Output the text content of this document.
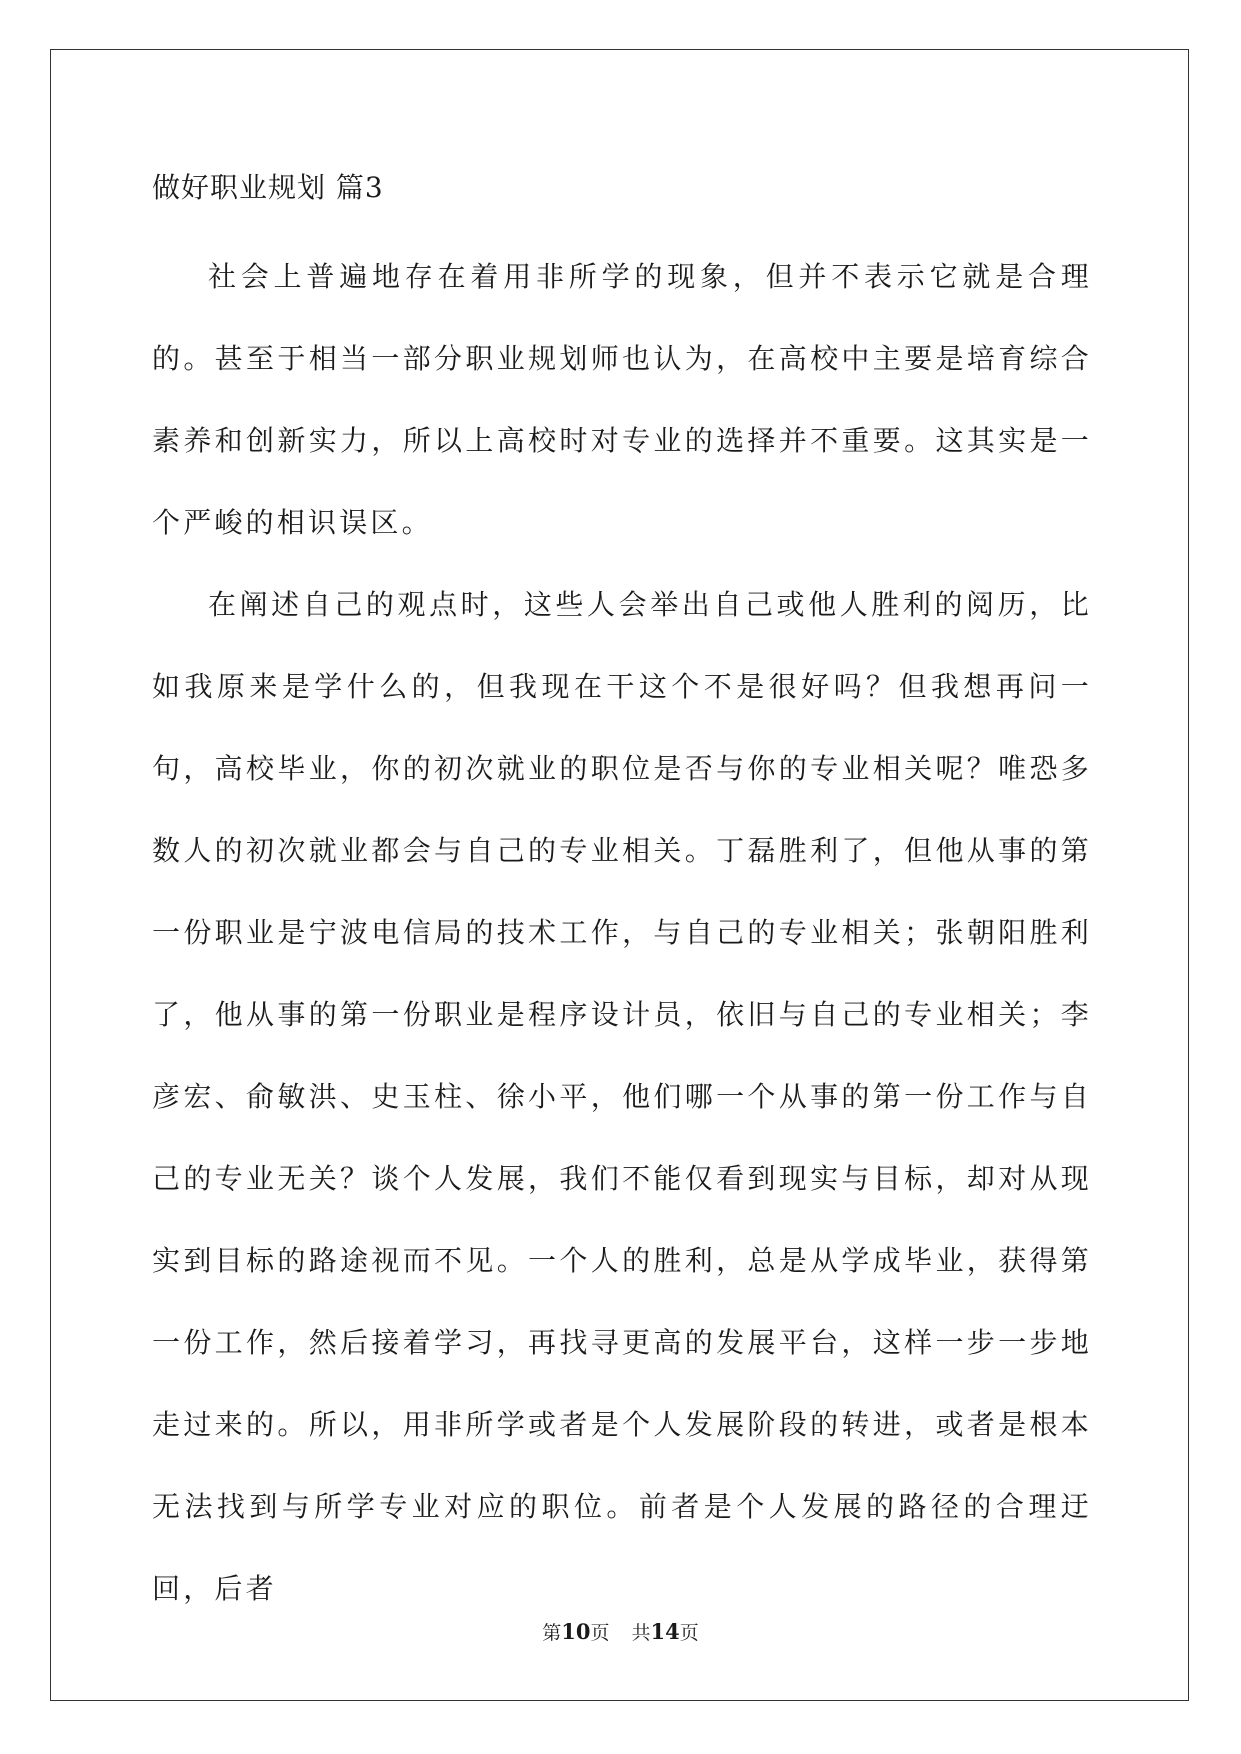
做好职业规划 篇3

社会上普遍地存在着用非所学的现象，但并不表示它就是合理的。甚至于相当一部分职业规划师也认为，在高校中主要是培育综合素养和创新实力，所以上高校时对专业的选择并不重要。这其实是一个严峻的相识误区。

在阐述自己的观点时，这些人会举出自己或他人胜利的阅历，比如我原来是学什么的，但我现在干这个不是很好吗？但我想再问一句，高校毕业，你的初次就业的职位是否与你的专业相关呢？唯恐多数人的初次就业都会与自己的专业相关。丁磊胜利了，但他从事的第一份职业是宁波电信局的技术工作，与自己的专业相关；张朝阳胜利了，他从事的第一份职业是程序设计员，依旧与自己的专业相关；李彦宏、俞敏洪、史玉柱、徐小平，他们哪一个从事的第一份工作与自己的专业无关？谈个人发展，我们不能仅看到现实与目标，却对从现实到目标的路途视而不见。一个人的胜利，总是从学成毕业，获得第一份工作，然后接着学习，再找寻更高的发展平台，这样一步一步地走过来的。所以，用非所学或者是个人发展阶段的转进，或者是根本无法找到与所学专业对应的职位。前者是个人发展的路径的合理迂回，后者

第10页 共14页
